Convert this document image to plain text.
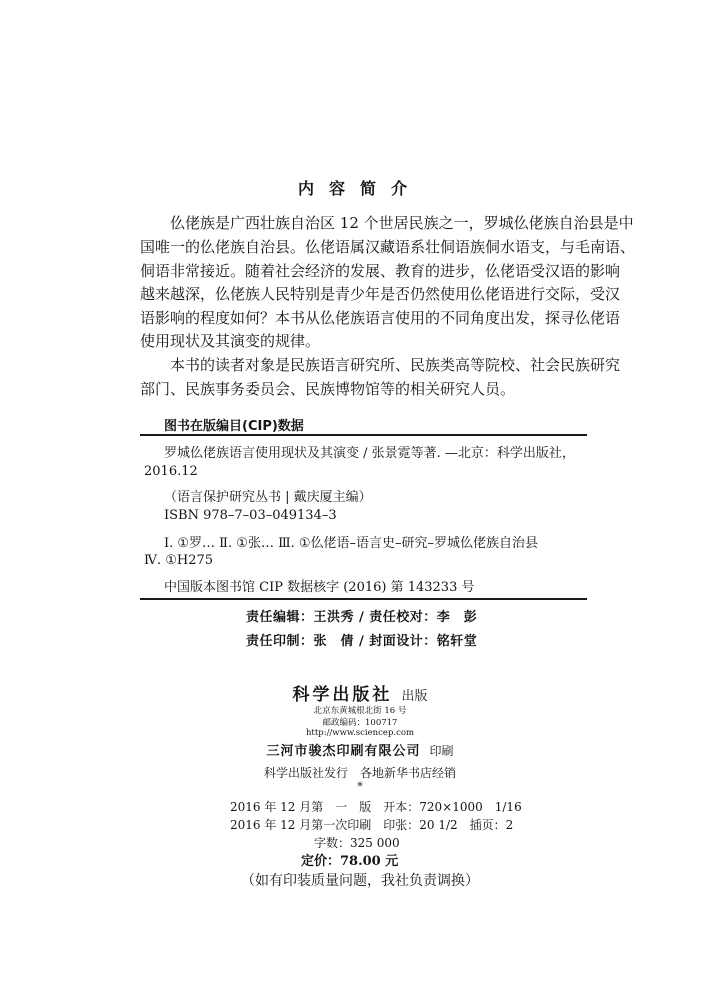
内容简介
仫佬族是广西壮族自治区 12 个世居民族之一，罗城仫佬族自治县是中
国唯一的仫佬族自治县。仫佬语属汉藏语系壮侗语族侗水语支，与毛南语、
侗语非常接近。随着社会经济的发展、教育的进步，仫佬语受汉语的影响
越来越深，仫佬族人民特别是青少年是否仍然使用仫佬语进行交际，受汉
语影响的程度如何？本书从仫佬族语言使用的不同角度出发，探寻仫佬语
使用现状及其演变的规律。
本书的读者对象是民族语言研究所、民族类高等院校、社会民族研究
部门、民族事务委员会、民族博物馆等的相关研究人员。
图书在版编目(CIP)数据
罗城仫佬族语言使用现状及其演变 / 张景霓等著. —北京：科学出版社，
2016.12
（语言保护研究丛书 | 戴庆厦主编）
ISBN 978–7–03–049134–3
Ⅰ. ①罗… Ⅱ. ①张… Ⅲ. ①仫佬语–语言史–研究–罗城仫佬族自治县
Ⅳ. ①H275
中国版本图书馆 CIP 数据核字 (2016) 第 143233 号
责任编辑：王洪秀 / 责任校对：李　彭
责任印制：张　倩 / 封面设计：铭轩堂
科学出版社 出版
北京东黄城根北街 16 号
邮政编码：100717
http://www.sciencep.com
三河市骏杰印刷有限公司 印刷
科学出版社发行　各地新华书店经销
*
2016 年 12 月第　一　版　开本：720×1000　1/16
2016 年 12 月第一次印刷　印张：20 1/2　插页：2
字数：325 000
定价：78.00 元
（如有印装质量问题，我社负责调换）
